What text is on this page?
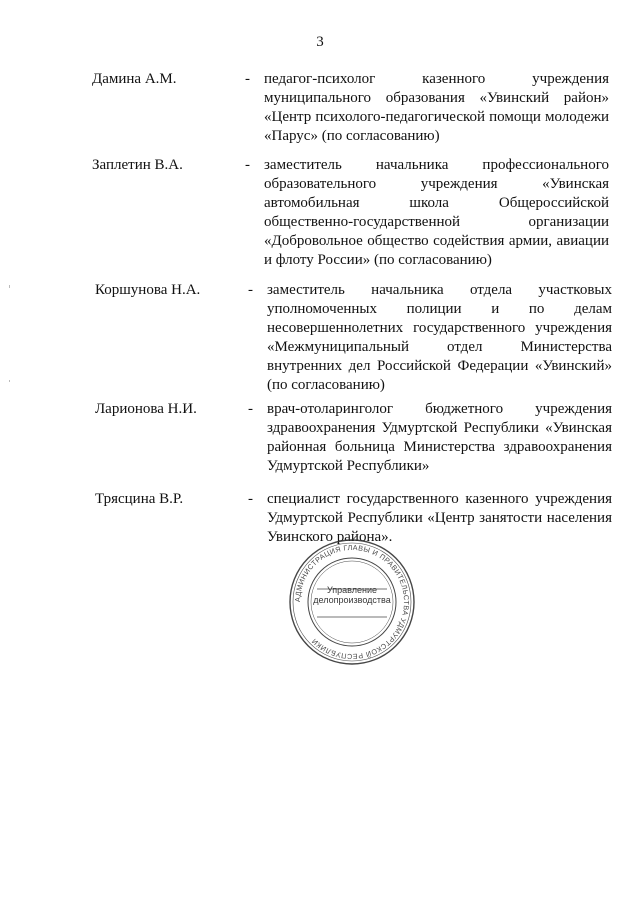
3
Дамина А.М.	- педагог-психолог казенного учреждения муниципального образования «Увинский район» «Центр психолого-педагогической помощи молодежи «Парус» (по согласованию)
Заплетин В.А.	- заместитель начальника профессионального образовательного учреждения «Увинская автомобильная школа Общероссийской общественно-государственной организации «Добровольное общество содействия армии, авиации и флоту России» (по согласованию)
Коршунова Н.А.	- заместитель начальника отдела участковых уполномоченных полиции и по делам несовершеннолетних государственного учреждения «Межмуниципальный отдел Министерства внутренних дел Российской Федерации «Увинский» (по согласованию)
Ларионова Н.И.	- врач-отоларинголог бюджетного учреждения здравоохранения Удмуртской Республики «Увинская районная больница Министерства здравоохранения Удмуртской Республики»
Трясцина В.Р.	- специалист государственного казенного учреждения Удмуртской Республики «Центр занятости населения Увинского района».
АДМИНИСТРАЦИЯ ГЛАВЫ И ПРАВИТЕЛЬСТВА УДМУРТСКОЙ РЕСПУБЛИКИ
Управление делопроизводства
